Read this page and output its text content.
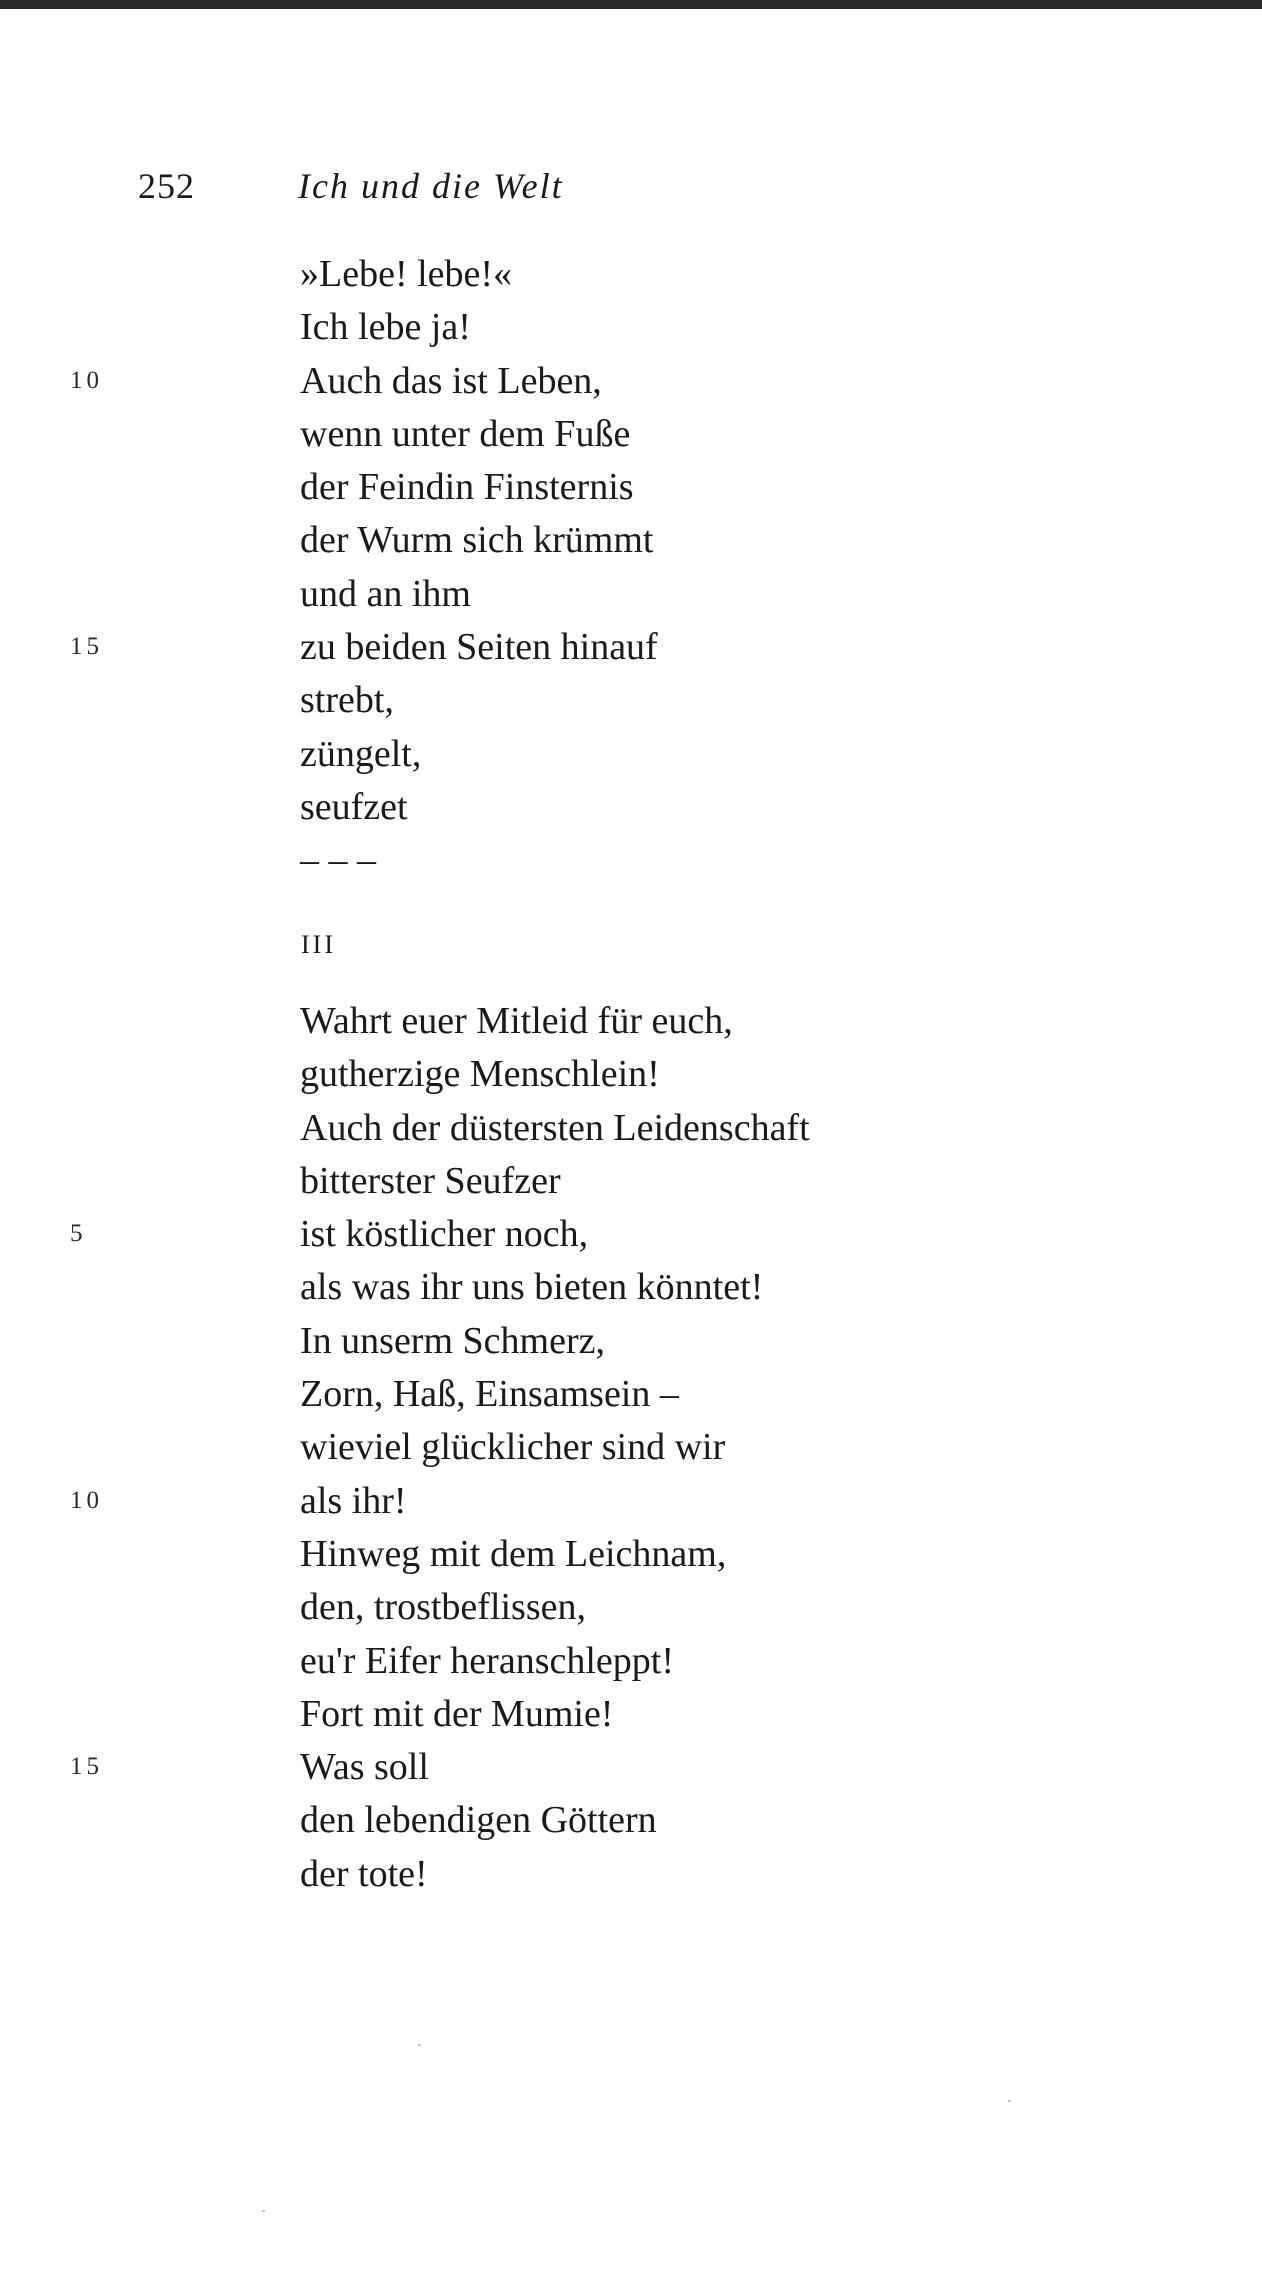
252	Ich und die Welt
»Lebe! lebe!«
Ich lebe ja!
10	Auch das ist Leben,
wenn unter dem Fuße
der Feindin Finsternis
der Wurm sich krümmt
und an ihm
15	zu beiden Seiten hinauf
strebt,
züngelt,
seufzet
– – –
III
Wahrt euer Mitleid für euch,
gutherzige Menschlein!
Auch der düstersten Leidenschaft
bitterster Seufzer
5	ist köstlicher noch,
als was ihr uns bieten könntet!
In unserm Schmerz,
Zorn, Haß, Einsamsein –
wieviel glücklicher sind wir
10	als ihr!
Hinweg mit dem Leichnam,
den, trostbeflissen,
eu'r Eifer heranschleppt!
Fort mit der Mumie!
15	Was soll
den lebendigen Göttern
der tote!
